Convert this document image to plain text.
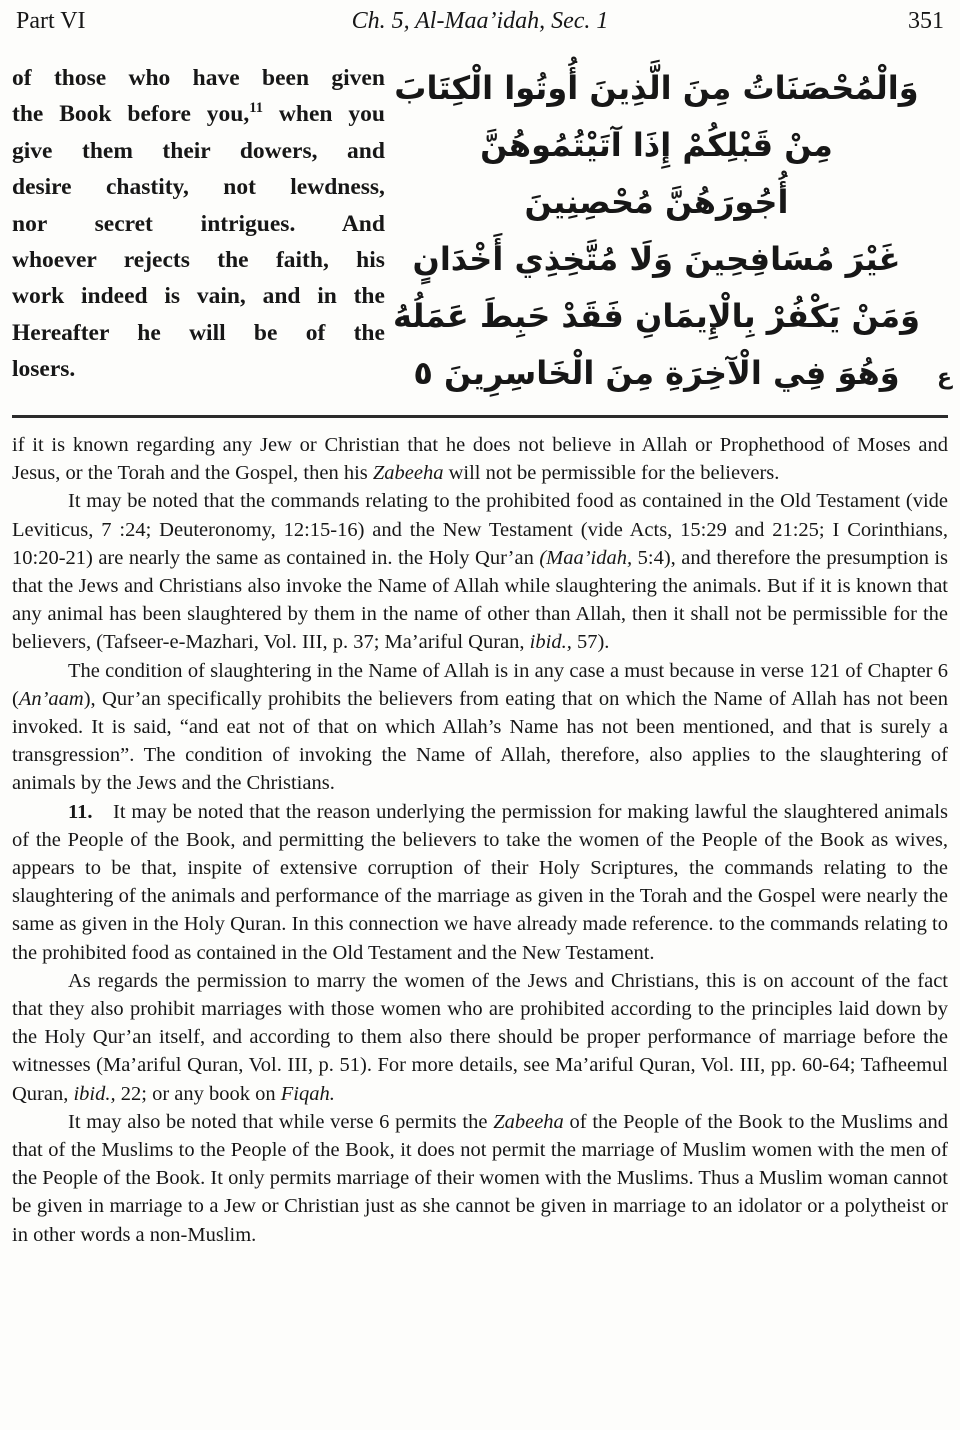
Part VI	Ch. 5, Al-Maa’idah, Sec. 1	351
of those who have been given
the Book before you,$^{11}$ when you
give them their dowers, and
desire chastity, not lewdness,
nor secret intrigues. And
whoever rejects the faith, his
work indeed is vain, and in the
Hereafter he will be of the
losers.
وَالْمُحْصَنَاتُ مِنَ الَّذِينَ أُوتُوا الْكِتَابَ
مِنْ قَبْلِكُمْ إِذَا آتَيْتُمُوهُنَّ
أُجُورَهُنَّ مُحْصِنِينَ
غَيْرَ مُسَافِحِينَ وَلَا مُتَّخِذِي أَخْدَانٍ
وَمَنْ يَكْفُرْ بِالْإِيمَانِ فَقَدْ حَبِطَ عَمَلُهُ
وَهُوَ فِي الْآخِرَةِ مِنَ الْخَاسِرِينَ ٥	ع

if it is known regarding any Jew or Christian that he does not believe in Allah or Prophethood of Moses and Jesus, or the Torah and the Gospel, then his Zabeeha will not be permissible for the believers.

It may be noted that the commands relating to the prohibited food as contained in the Old Testament (vide Leviticus, 7 :24; Deuteronomy, 12:15-16) and the New Testament (vide Acts, 15:29 and 21:25; I Corinthians, 10:20-21) are nearly the same as contained in. the Holy Qur’an (Maa’idah, 5:4), and therefore the presumption is that the Jews and Christians also invoke the Name of Allah while slaughtering the animals. But if it is known that any animal has been slaughtered by them in the name of other than Allah, then it shall not be permissible for the believers, (Tafseer-e-Mazhari, Vol. III, p. 37; Ma’ariful Quran, ibid., 57).

The condition of slaughtering in the Name of Allah is in any case a must because in verse 121 of Chapter 6 (An’aam), Qur’an specifically prohibits the believers from eating that on which the Name of Allah has not been invoked. It is said, “and eat not of that on which Allah’s Name has not been mentioned, and that is surely a transgression”. The condition of invoking the Name of Allah, therefore, also applies to the slaughtering of animals by the Jews and the Christians.

11.  It may be noted that the reason underlying the permission for making lawful the slaughtered animals of the People of the Book, and permitting the believers to take the women of the People of the Book as wives, appears to be that, inspite of extensive corruption of their Holy Scriptures, the commands relating to the slaughtering of the animals and performance of the marriage as given in the Torah and the Gospel were nearly the same as given in the Holy Quran. In this connection we have already made reference. to the commands relating to the prohibited food as contained in the Old Testament and the New Testament.

As regards the permission to marry the women of the Jews and Christians, this is on account of the fact that they also prohibit marriages with those women who are prohibited according to the principles laid down by the Holy Qur’an itself, and according to them also there should be proper performance of marriage before the witnesses (Ma’ariful Quran, Vol. III, p. 51). For more details, see Ma’ariful Quran, Vol. III, pp. 60-64; Tafheemul Quran, ibid., 22; or any book on Fiqah.

It may also be noted that while verse 6 permits the Zabeeha of the People of the Book to the Muslims and that of the Muslims to the People of the Book, it does not permit the marriage of Muslim women with the men of the People of the Book. It only permits marriage of their women with the Muslims. Thus a Muslim woman cannot be given in marriage to a Jew or Christian just as she cannot be given in marriage to an idolator or a polytheist or in other words a non-Muslim.
